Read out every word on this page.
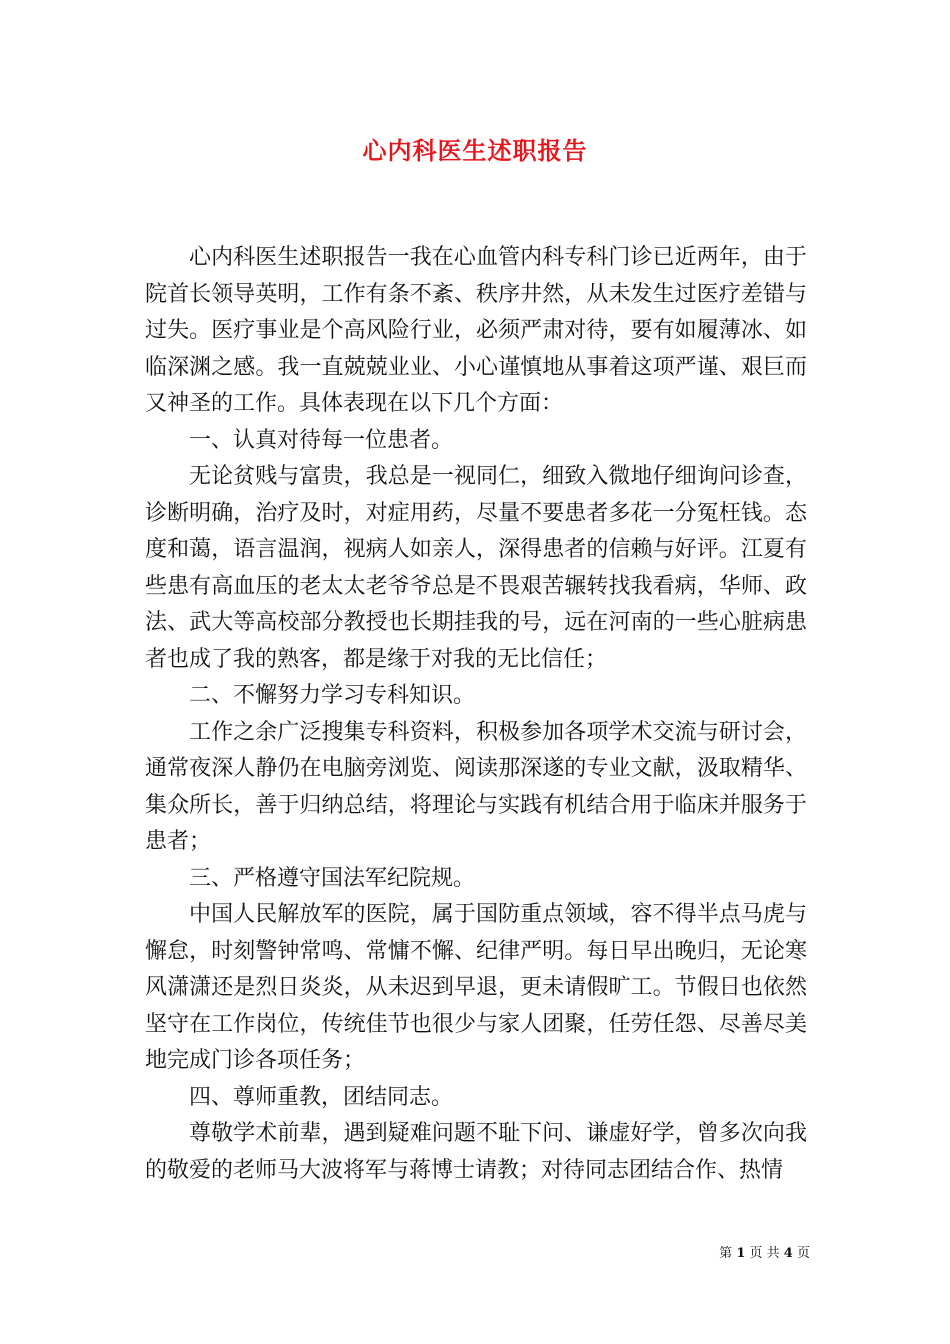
心内科医生述职报告

心内科医生述职报告一我在心血管内科专科门诊已近两年，由于院首长领导英明，工作有条不紊、秩序井然，从未发生过医疗差错与过失。医疗事业是个高风险行业，必须严肃对待，要有如履薄冰、如临深渊之感。我一直兢兢业业、小心谨慎地从事着这项严谨、艰巨而又神圣的工作。具体表现在以下几个方面：

一、认真对待每一位患者。

无论贫贱与富贵，我总是一视同仁，细致入微地仔细询问诊查，诊断明确，治疗及时，对症用药，尽量不要患者多花一分冤枉钱。态度和蔼，语言温润，视病人如亲人，深得患者的信赖与好评。江夏有些患有高血压的老太太老爷爷总是不畏艰苦辗转找我看病，华师、政法、武大等高校部分教授也长期挂我的号，远在河南的一些心脏病患者也成了我的熟客，都是缘于对我的无比信任；

二、不懈努力学习专科知识。

工作之余广泛搜集专科资料，积极参加各项学术交流与研讨会，通常夜深人静仍在电脑旁浏览、阅读那深遂的专业文献，汲取精华、集众所长，善于归纳总结，将理论与实践有机结合用于临床并服务于患者；

三、严格遵守国法军纪院规。

中国人民解放军的医院，属于国防重点领域，容不得半点马虎与懈怠，时刻警钟常鸣、常慵不懈、纪律严明。每日早出晚归，无论寒风潇潇还是烈日炎炎，从未迟到早退，更未请假旷工。节假日也依然坚守在工作岗位，传统佳节也很少与家人团聚，任劳任怨、尽善尽美地完成门诊各项任务；

四、尊师重教，团结同志。

尊敬学术前辈，遇到疑难问题不耻下问、谦虚好学，曾多次向我的敬爱的老师马大波将军与蒋博士请教；对待同志团结合作、热情

第 1 页 共 4 页
